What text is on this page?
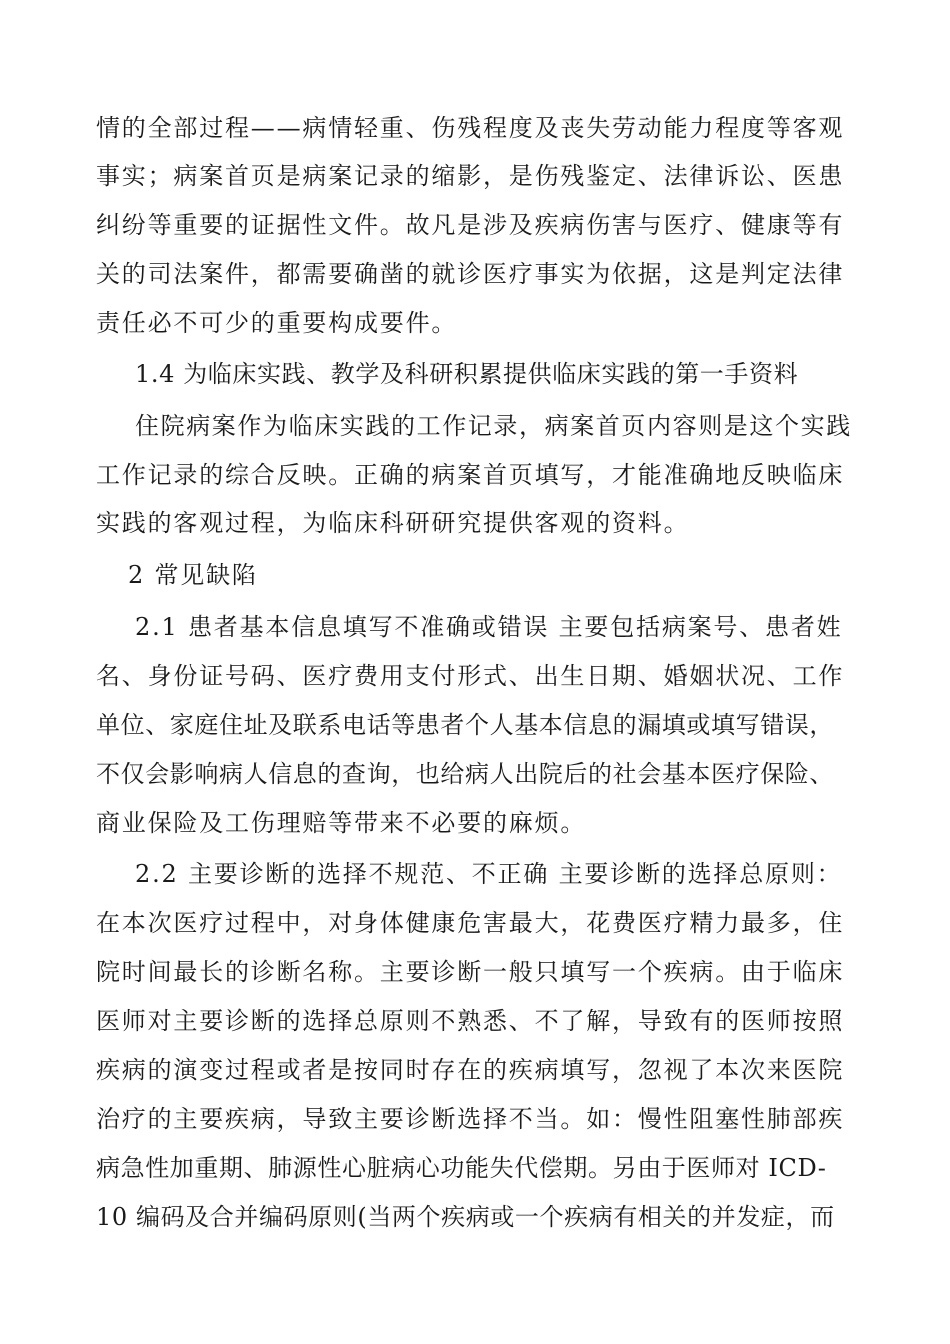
情的全部过程——病情轻重、伤残程度及丧失劳动能力程度等客观
事实；病案首页是病案记录的缩影，是伤残鉴定、法律诉讼、医患
纠纷等重要的证据性文件。故凡是涉及疾病伤害与医疗、健康等有
关的司法案件，都需要确凿的就诊医疗事实为依据，这是判定法律
责任必不可少的重要构成要件。
1.4 为临床实践、教学及科研积累提供临床实践的第一手资料
住院病案作为临床实践的工作记录，病案首页内容则是这个实践
工作记录的综合反映。正确的病案首页填写，才能准确地反映临床
实践的客观过程，为临床科研研究提供客观的资料。
2 常见缺陷
2.1 患者基本信息填写不准确或错误 主要包括病案号、患者姓
名、身份证号码、医疗费用支付形式、出生日期、婚姻状况、工作
单位、家庭住址及联系电话等患者个人基本信息的漏填或填写错误，
不仅会影响病人信息的查询，也给病人出院后的社会基本医疗保险、
商业保险及工伤理赔等带来不必要的麻烦。
2.2 主要诊断的选择不规范、不正确 主要诊断的选择总原则：
在本次医疗过程中，对身体健康危害最大，花费医疗精力最多，住
院时间最长的诊断名称。主要诊断一般只填写一个疾病。由于临床
医师对主要诊断的选择总原则不熟悉、不了解，导致有的医师按照
疾病的演变过程或者是按同时存在的疾病填写，忽视了本次来医院
治疗的主要疾病，导致主要诊断选择不当。如：慢性阻塞性肺部疾
病急性加重期、肺源性心脏病心功能失代偿期。另由于医师对 ICD-
10 编码及合并编码原则(当两个疾病或一个疾病有相关的并发症，而
